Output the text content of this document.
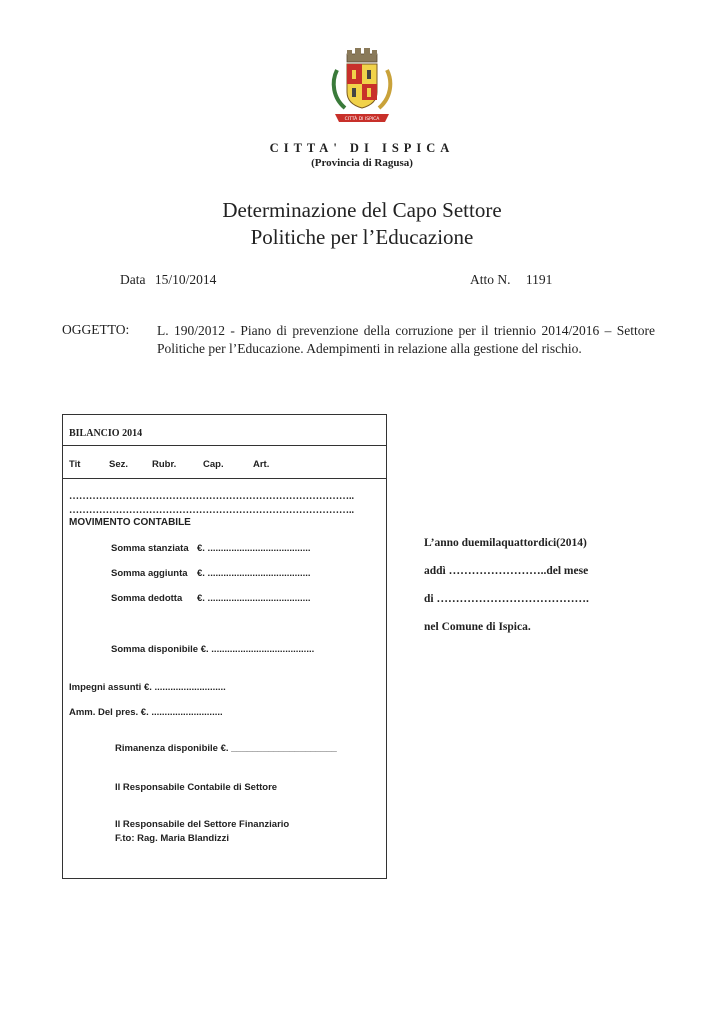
CITTÀ DI ISPICA
CITTA' DI ISPICA
(Provincia di Ragusa)
Determinazione del Capo Settore
Politiche per l’Educazione
Data 15/10/2014	Atto N. 1191
OGGETTO: L. 190/2012 - Piano di prevenzione della corruzione per il triennio 2014/2016 – Settore Politiche per l’Educazione. Adempimenti in relazione alla gestione del rischio.
BILANCIO 2014
Tit	Sez.	Rubr.	Cap.	Art.
…………………………………………………………………………..
…………………………………………………………………………..
MOVIMENTO CONTABILE
Somma stanziata €. .......................................
Somma aggiunta €. .......................................
Somma dedotta €. .......................................
Somma disponibile €. .......................................
Impegni assunti €. ...........................
Amm. Del pres. €. ...........................
Rimanenza disponibile €. ____________________
Il Responsabile Contabile di Settore
Il Responsabile del Settore Finanziario
F.to: Rag. Maria Blandizzi
L’anno duemilaquattordici(2014)
addì ……………………..del mese
di ………………………………….
nel Comune di Ispica.
